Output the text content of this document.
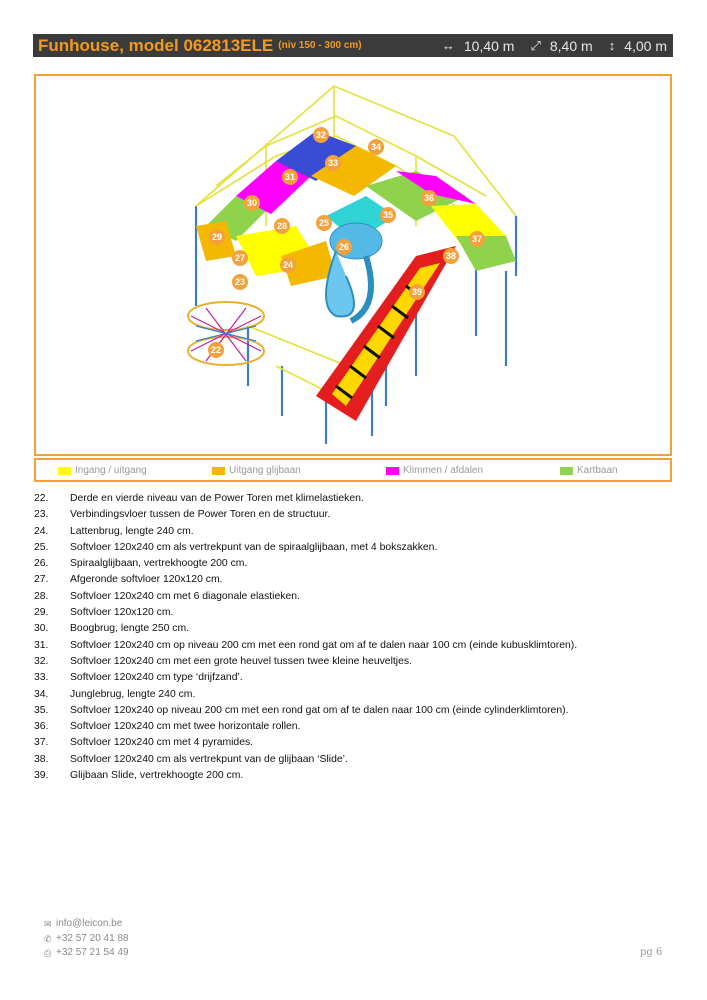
Funhouse, model 062813ELE (niv 150 - 300 cm)	↔ 10,40 m ⤢ 8,40 m ↕ 4,00 m
22
23
24
25
26
27
28
29
30
31
32
33
34
35
36
37
38
39
Ingang / uitgang	Uitgang glijbaan	Klimmen / afdalen	Kartbaan
22.	Derde en vierde niveau van de Power Toren met klimelastieken.
23.	Verbindingsvloer tussen de Power Toren en de structuur.
24.	Lattenbrug, lengte 240 cm.
25.	Softvloer 120x240 cm als vertrekpunt van de spiraalglijbaan, met 4 bokszakken.
26.	Spiraalglijbaan, vertrekhoogte 200 cm.
27.	Afgeronde softvloer 120x120 cm.
28.	Softvloer 120x240 cm met 6 diagonale elastieken.
29.	Softvloer 120x120 cm.
30.	Boogbrug, lengte 250 cm.
31.	Softvloer 120x240 cm op niveau 200 cm met een rond gat om af te dalen naar 100 cm (einde kubusklimtoren).
32.	Softvloer 120x240 cm met een grote heuvel tussen twee kleine heuveltjes.
33.	Softvloer 120x240 cm type ‘drijfzand’.
34.	Junglebrug, lengte 240 cm.
35.	Softvloer 120x240 op niveau 200 cm met een rond gat om af te dalen naar 100 cm (einde cylinderklimtoren).
36.	Softvloer 120x240 cm met twee horizontale rollen.
37.	Softvloer 120x240 cm met 4 pyramides.
38.	Softvloer 120x240 cm als vertrekpunt van de glijbaan ‘Slide’.
39.	Glijbaan Slide, vertrekhoogte 200 cm.
✉ info@leicon.be
✆ +32 57 20 41 88
⎙ +32 57 21 54 49	pg 6
